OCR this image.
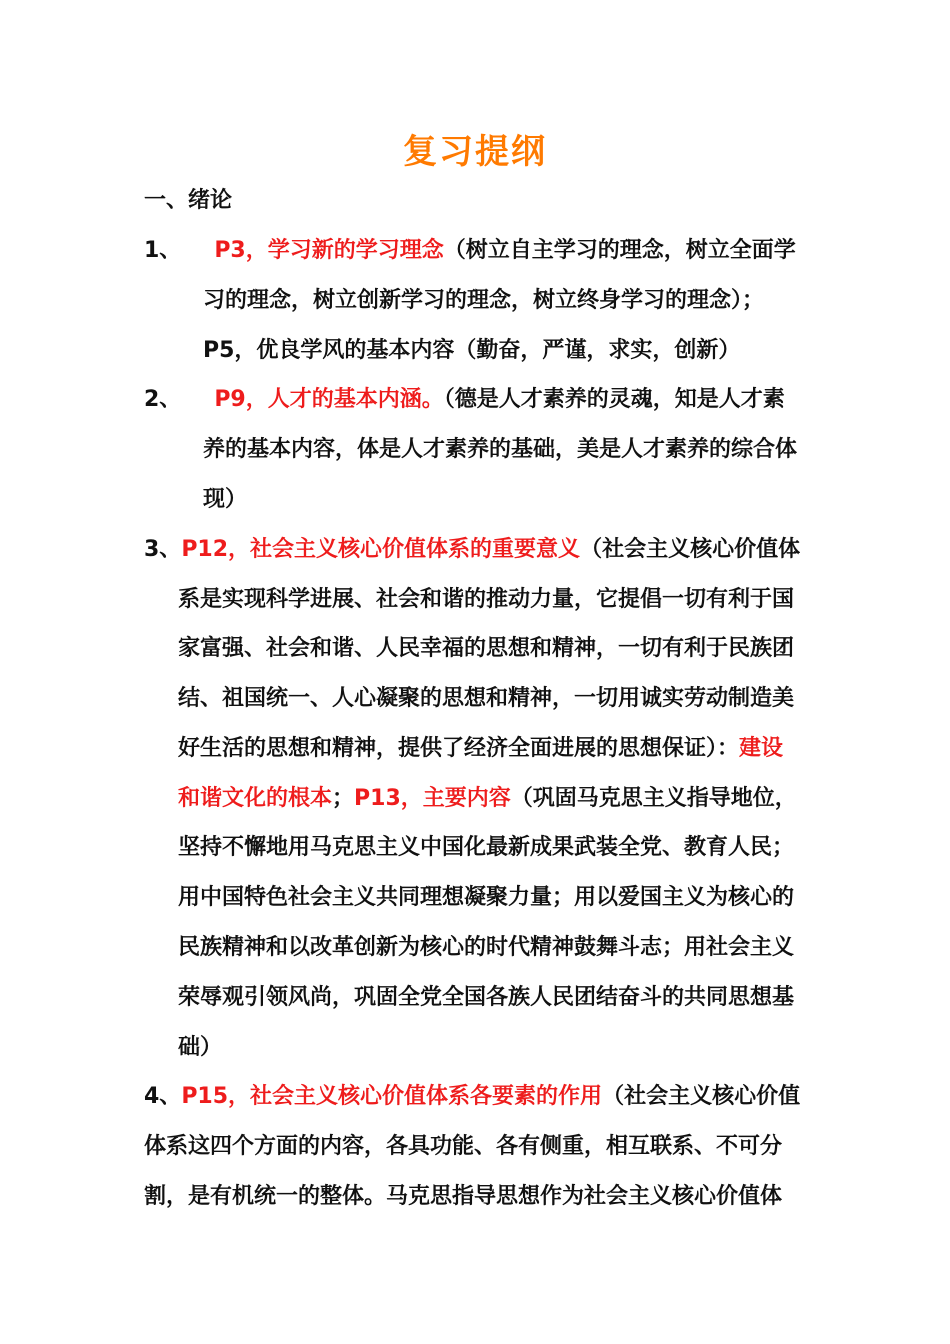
复习提纲
一、绪论
1、 P3，学习新的学习理念（树立自主学习的理念，树立全面学
习的理念，树立创新学习的理念，树立终身学习的理念）；
P5，优良学风的基本内容（勤奋，严谨，求实，创新）
2、 P9，人才的基本内涵。（德是人才素养的灵魂，知是人才素
养的基本内容，体是人才素养的基础，美是人才素养的综合体
现）
3、P12，社会主义核心价值体系的重要意义（社会主义核心价值体
系是实现科学进展、社会和谐的推动力量，它提倡一切有利于国
家富强、社会和谐、人民幸福的思想和精神，一切有利于民族团
结、祖国统一、人心凝聚的思想和精神，一切用诚实劳动制造美
好生活的思想和精神，提供了经济全面进展的思想保证）：建设
和谐文化的根本；P13，主要内容（巩固马克思主义指导地位，
坚持不懈地用马克思主义中国化最新成果武装全党、教育人民；
用中国特色社会主义共同理想凝聚力量；用以爱国主义为核心的
民族精神和以改革创新为核心的时代精神鼓舞斗志；用社会主义
荣辱观引领风尚，巩固全党全国各族人民团结奋斗的共同思想基
础）
4、P15，社会主义核心价值体系各要素的作用（社会主义核心价值
体系这四个方面的内容，各具功能、各有侧重，相互联系、不可分
割，是有机统一的整体。马克思指导思想作为社会主义核心价值体
